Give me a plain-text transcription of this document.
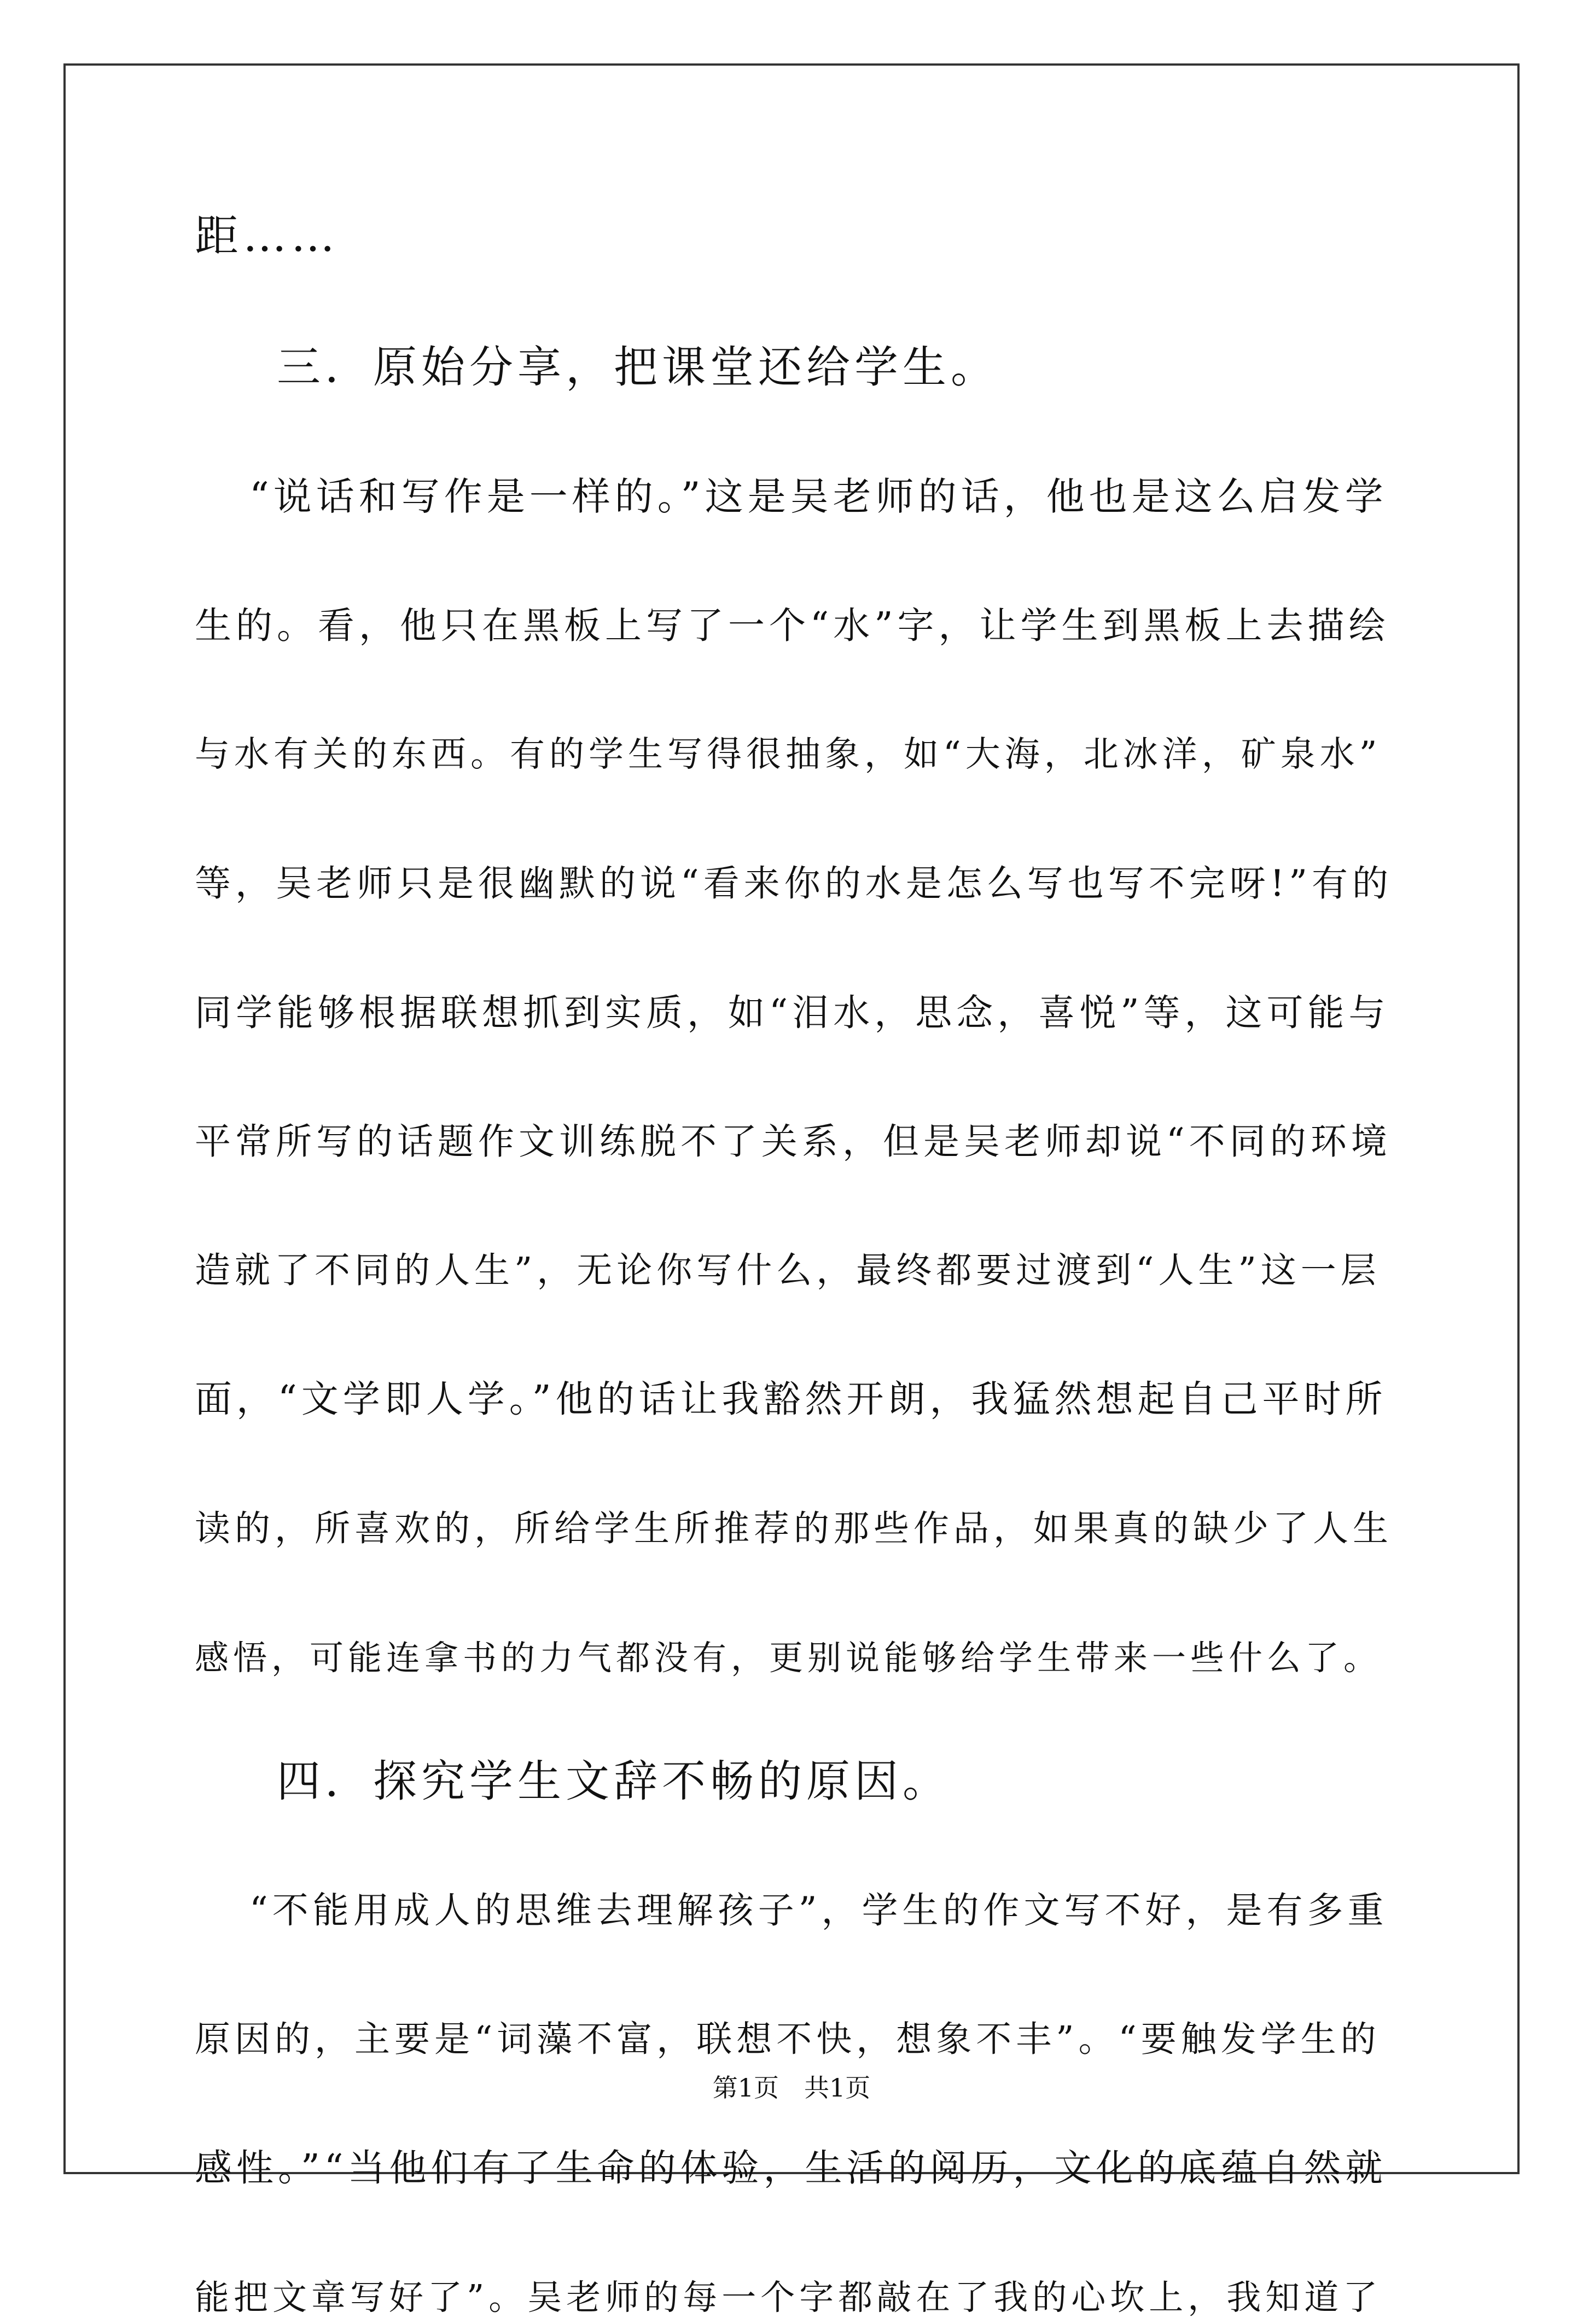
距……
三．原始分享，把课堂还给学生。
“说话和写作是一样的。”这是吴老师的话，他也是这么启发学
生的。看，他只在黑板上写了一个“水”字，让学生到黑板上去描绘
与水有关的东西。有的学生写得很抽象，如“大海，北冰洋，矿泉水”
等，吴老师只是很幽默的说“看来你的水是怎么写也写不完呀!”有的
同学能够根据联想抓到实质，如“泪水，思念，喜悦”等，这可能与
平常所写的话题作文训练脱不了关系，但是吴老师却说“不同的环境
造就了不同的人生”，无论你写什么，最终都要过渡到“人生”这一层
面，“文学即人学。”他的话让我豁然开朗，我猛然想起自己平时所
读的，所喜欢的，所给学生所推荐的那些作品，如果真的缺少了人生
感悟，可能连拿书的力气都没有，更别说能够给学生带来一些什么了。
四．探究学生文辞不畅的原因。
“不能用成人的思维去理解孩子”，学生的作文写不好，是有多重
原因的，主要是“词藻不富，联想不快，想象不丰”。“要触发学生的
感性。”“当他们有了生命的体验，生活的阅历，文化的底蕴自然就
能把文章写好了”。吴老师的每一个字都敲在了我的心坎上，我知道了
第1页　共1页
